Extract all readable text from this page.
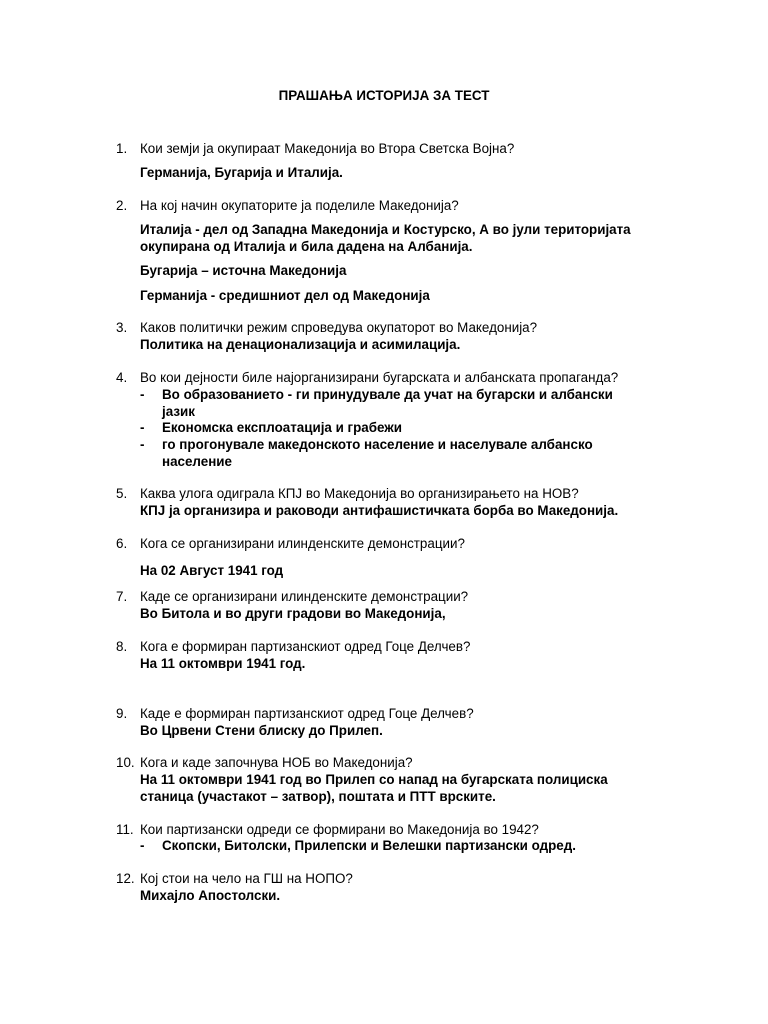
ПРАШАЊА ИСТОРИЈА ЗА ТЕСТ
1. Кои земји ја окупираат Македонија во Втора Светска Војна?
Германија, Бугарија и Италија.
2. На кој начин окупаторите ја поделиле Македонија?
Италија - дел од Западна Македонија и Костурско, А во јули територијата
окупирана од Италија и била дадена на Албанија.
Бугарија – источна Македонија
Германија - средишниот дел од Македонија
3. Каков политички режим спроведува окупаторот во Македонија?
Политика на денационализација и асимилација.
4. Во кои дејности биле најорганизирани бугарската и албанската пропаганда?
- Во образованието - ги принудувале да учат на бугарски и албански
јазик
- Економска експлоатација и грабежи
- го прогонувале македонското население и населувале албанско
население
5. Каква улога одиграла КПЈ во Македонија во организирањето на НОВ?
КПЈ ја организира и раководи антифашистичката борба во Македонија.
6. Кога се организирани илинденските демонстрации?
На 02 Август 1941 год
7. Каде се организирани илинденските демонстрации?
Во Битола и во други градови во Македонија,
8. Кога е формиран партизанскиот одред Гоце Делчев?
На 11 октомври 1941 год.
9. Каде е формиран партизанскиот одред Гоце Делчев?
Во Црвени Стени блиску до Прилеп.
10. Кога и каде започнува НОБ во Македонија?
На 11 октомври 1941 год во Прилеп со напад на бугарската полициска
станица (участакот – затвор), поштата и ПТТ врските.
11. Кои партизански одреди се формирани во Македонија во 1942?
- Скопски, Битолски, Прилепски и Велешки партизански одред.
12. Кој стои на чело на ГШ на НОПО?
Михајло Апостолски.
